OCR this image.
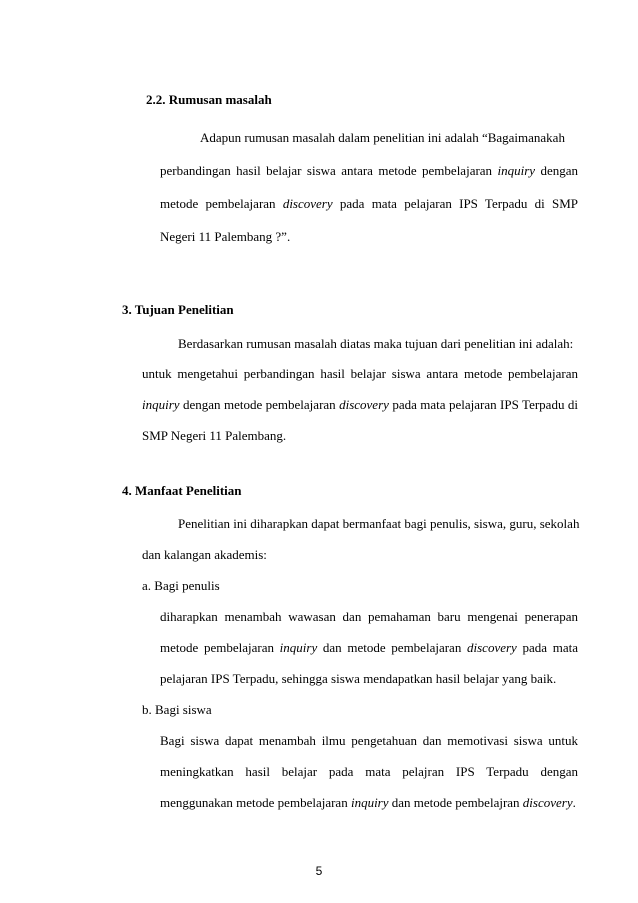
2.2. Rumusan masalah

Adapun rumusan masalah dalam penelitian ini adalah “Bagaimanakah

perbandingan hasil belajar siswa antara metode pembelajaran inquiry dengan

metode pembelajaran discovery pada mata pelajaran IPS Terpadu di SMP

Negeri 11 Palembang ?”.

3. Tujuan Penelitian

Berdasarkan rumusan masalah diatas maka tujuan dari penelitian ini adalah:

untuk mengetahui perbandingan hasil belajar siswa antara metode pembelajaran

inquiry dengan metode pembelajaran discovery pada mata pelajaran IPS Terpadu di

SMP Negeri 11 Palembang.

4. Manfaat Penelitian

Penelitian ini diharapkan dapat bermanfaat bagi penulis, siswa, guru, sekolah

dan kalangan akademis:

a. Bagi penulis

diharapkan menambah wawasan dan pemahaman baru mengenai penerapan

metode pembelajaran inquiry dan metode pembelajaran discovery pada mata

pelajaran IPS Terpadu, sehingga siswa mendapatkan hasil belajar yang baik.

b. Bagi siswa

Bagi siswa dapat menambah ilmu pengetahuan dan memotivasi siswa untuk

meningkatkan hasil belajar pada mata pelajran IPS Terpadu dengan

menggunakan metode pembelajaran inquiry dan metode pembelajran discovery.

5
